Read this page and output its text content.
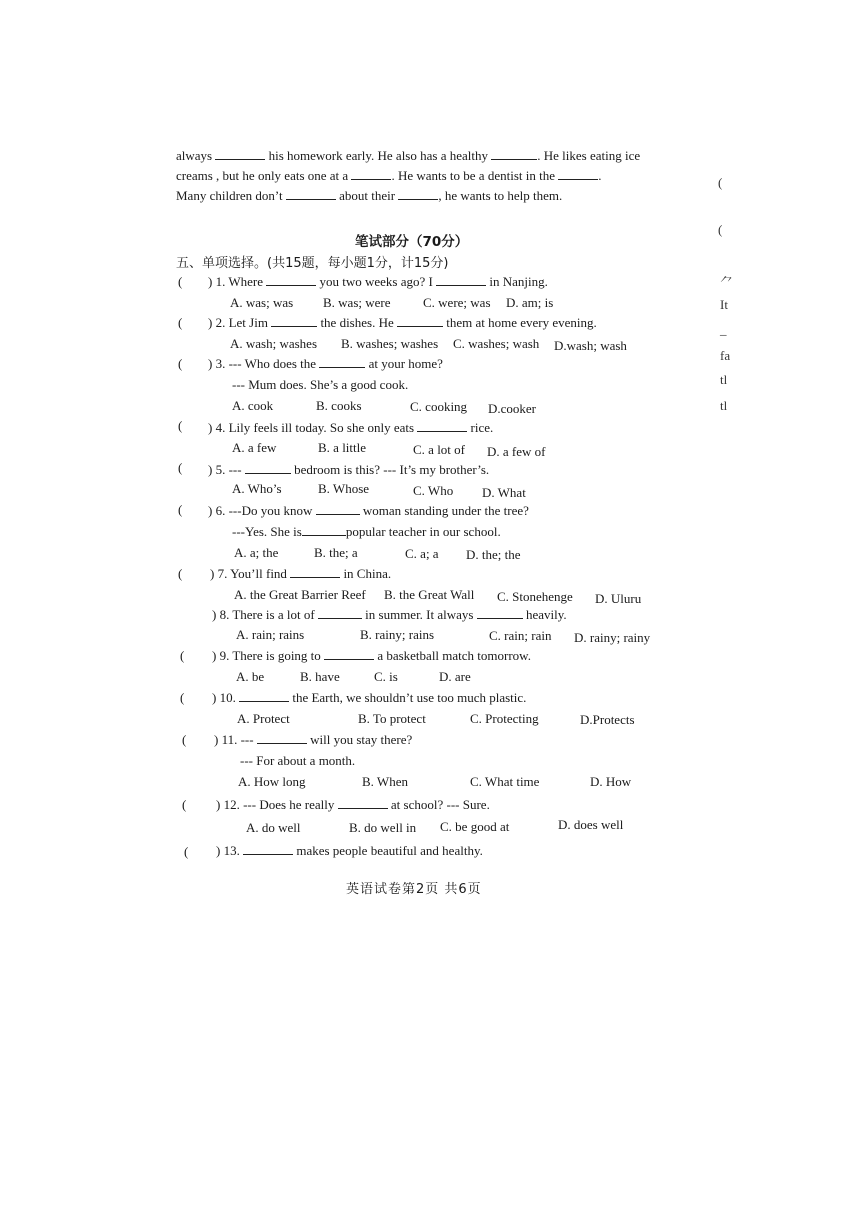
always	his homework early. He also has a healthy	. He likes eating ice
creams , but he only eats one at a	. He wants to be a dentist in the	.
Many children don’t	about their	, he wants to help them.
笔试部分（70分）
五、单项选择。(共15题，每小题1分，计15分)
( ) 1. Where	you two weeks ago? I	in Nanjing.
A. was; was B. was; were C. were; was D. am; is
( ) 2. Let Jim	the dishes. He	them at home every evening.
A. wash; washes B. washes; washes C. washes; wash D.wash; wash
( ) 3. --- Who does the	at your home?
--- Mum does. She’s a good cook.
A. cook	B. cooks	C. cooking D.cooker
( ) 4. Lily feels ill today. So she only eats	rice.
A. a few	B. a little	C. a lot of D. a few of
( ) 5. ---	bedroom is this? --- It’s my brother’s.
A. Who’s	B. Whose	C. Who D. What
( ) 6. ---Do you know	woman standing under the tree?
---Yes. She is	popular teacher in our school.
A. a; the	B. the; a	C. a; a D. the; the
( ) 7. You’ll find	in China.
A. the Great Barrier Reef B. the Great Wall C. Stonehenge D. Uluru
) 8. There is a lot of	in summer. It always	heavily.
A. rain; rains	B. rainy; rains	C. rain; rain D. rainy; rainy
( ) 9. There is going to	a basketball match tomorrow.
A. be	B. have	C. is	D. are
( ) 10.	the Earth, we shouldn’t use too much plastic.
A. Protect	B. To protect	C. Protecting	D.Protects
( ) 11. ---	will you stay there?
--- For about a month.
A. How long	B. When	C. What time	D. How
( ) 12. --- Does he really	at school? --- Sure.
A. do well	B. do well in C. be good at	D. does well
( ) 13.	makes people beautiful and healthy.
英语试卷第2页 共6页
(
(
⺈
It
_
fa
tl
tl
